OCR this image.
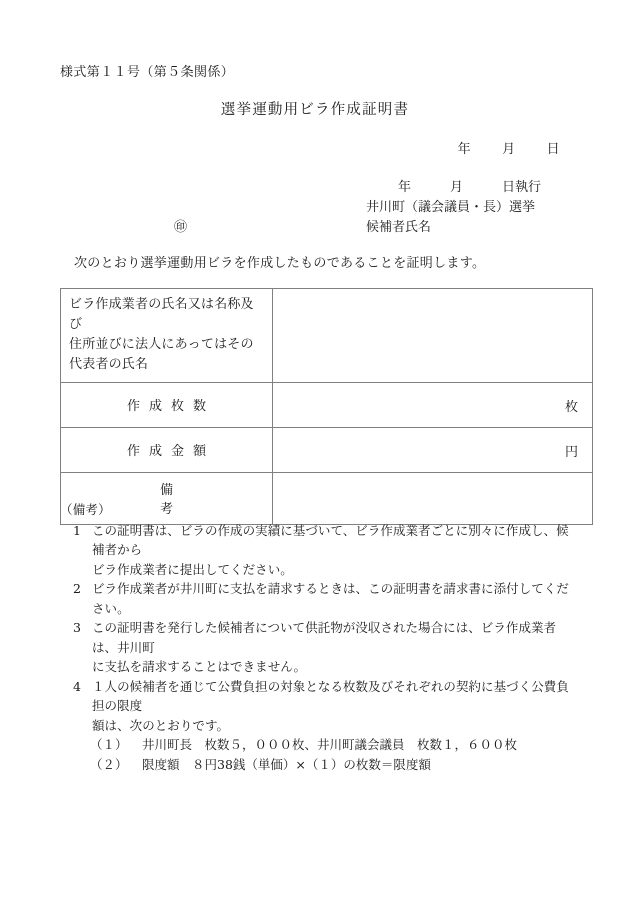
様式第１１号（第５条関係）
選挙運動用ビラ作成証明書
年 月 日
年　　　月　　　日執行
井川町（議会議員・長）選挙
候補者氏名
㊞
次のとおり選挙運動用ビラを作成したものであることを証明します。
ビラ作成業者の氏名又は名称及び
住所並びに法人にあってはその
代表者の氏名	

作成枚数	枚

作成金額	円

備考	

（備考）
1 この証明書は、ビラの作成の実績に基づいて、ビラ作成業者ごとに別々に作成し、候補者から
ビラ作成業者に提出してください。
2 ビラ作成業者が井川町に支払を請求するときは、この証明書を請求書に添付してください。
3 この証明書を発行した候補者について供託物が没収された場合には、ビラ作成業者は、井川町
に支払を請求することはできません。
4 １人の候補者を通じて公費負担の対象となる枚数及びそれぞれの契約に基づく公費負担の限度
額は、次のとおりです。
（１）	井川町長　枚数５，０００枚、井川町議会議員　枚数１，６００枚
（２）	限度額　８円38銭（単価）×（１）の枚数＝限度額
